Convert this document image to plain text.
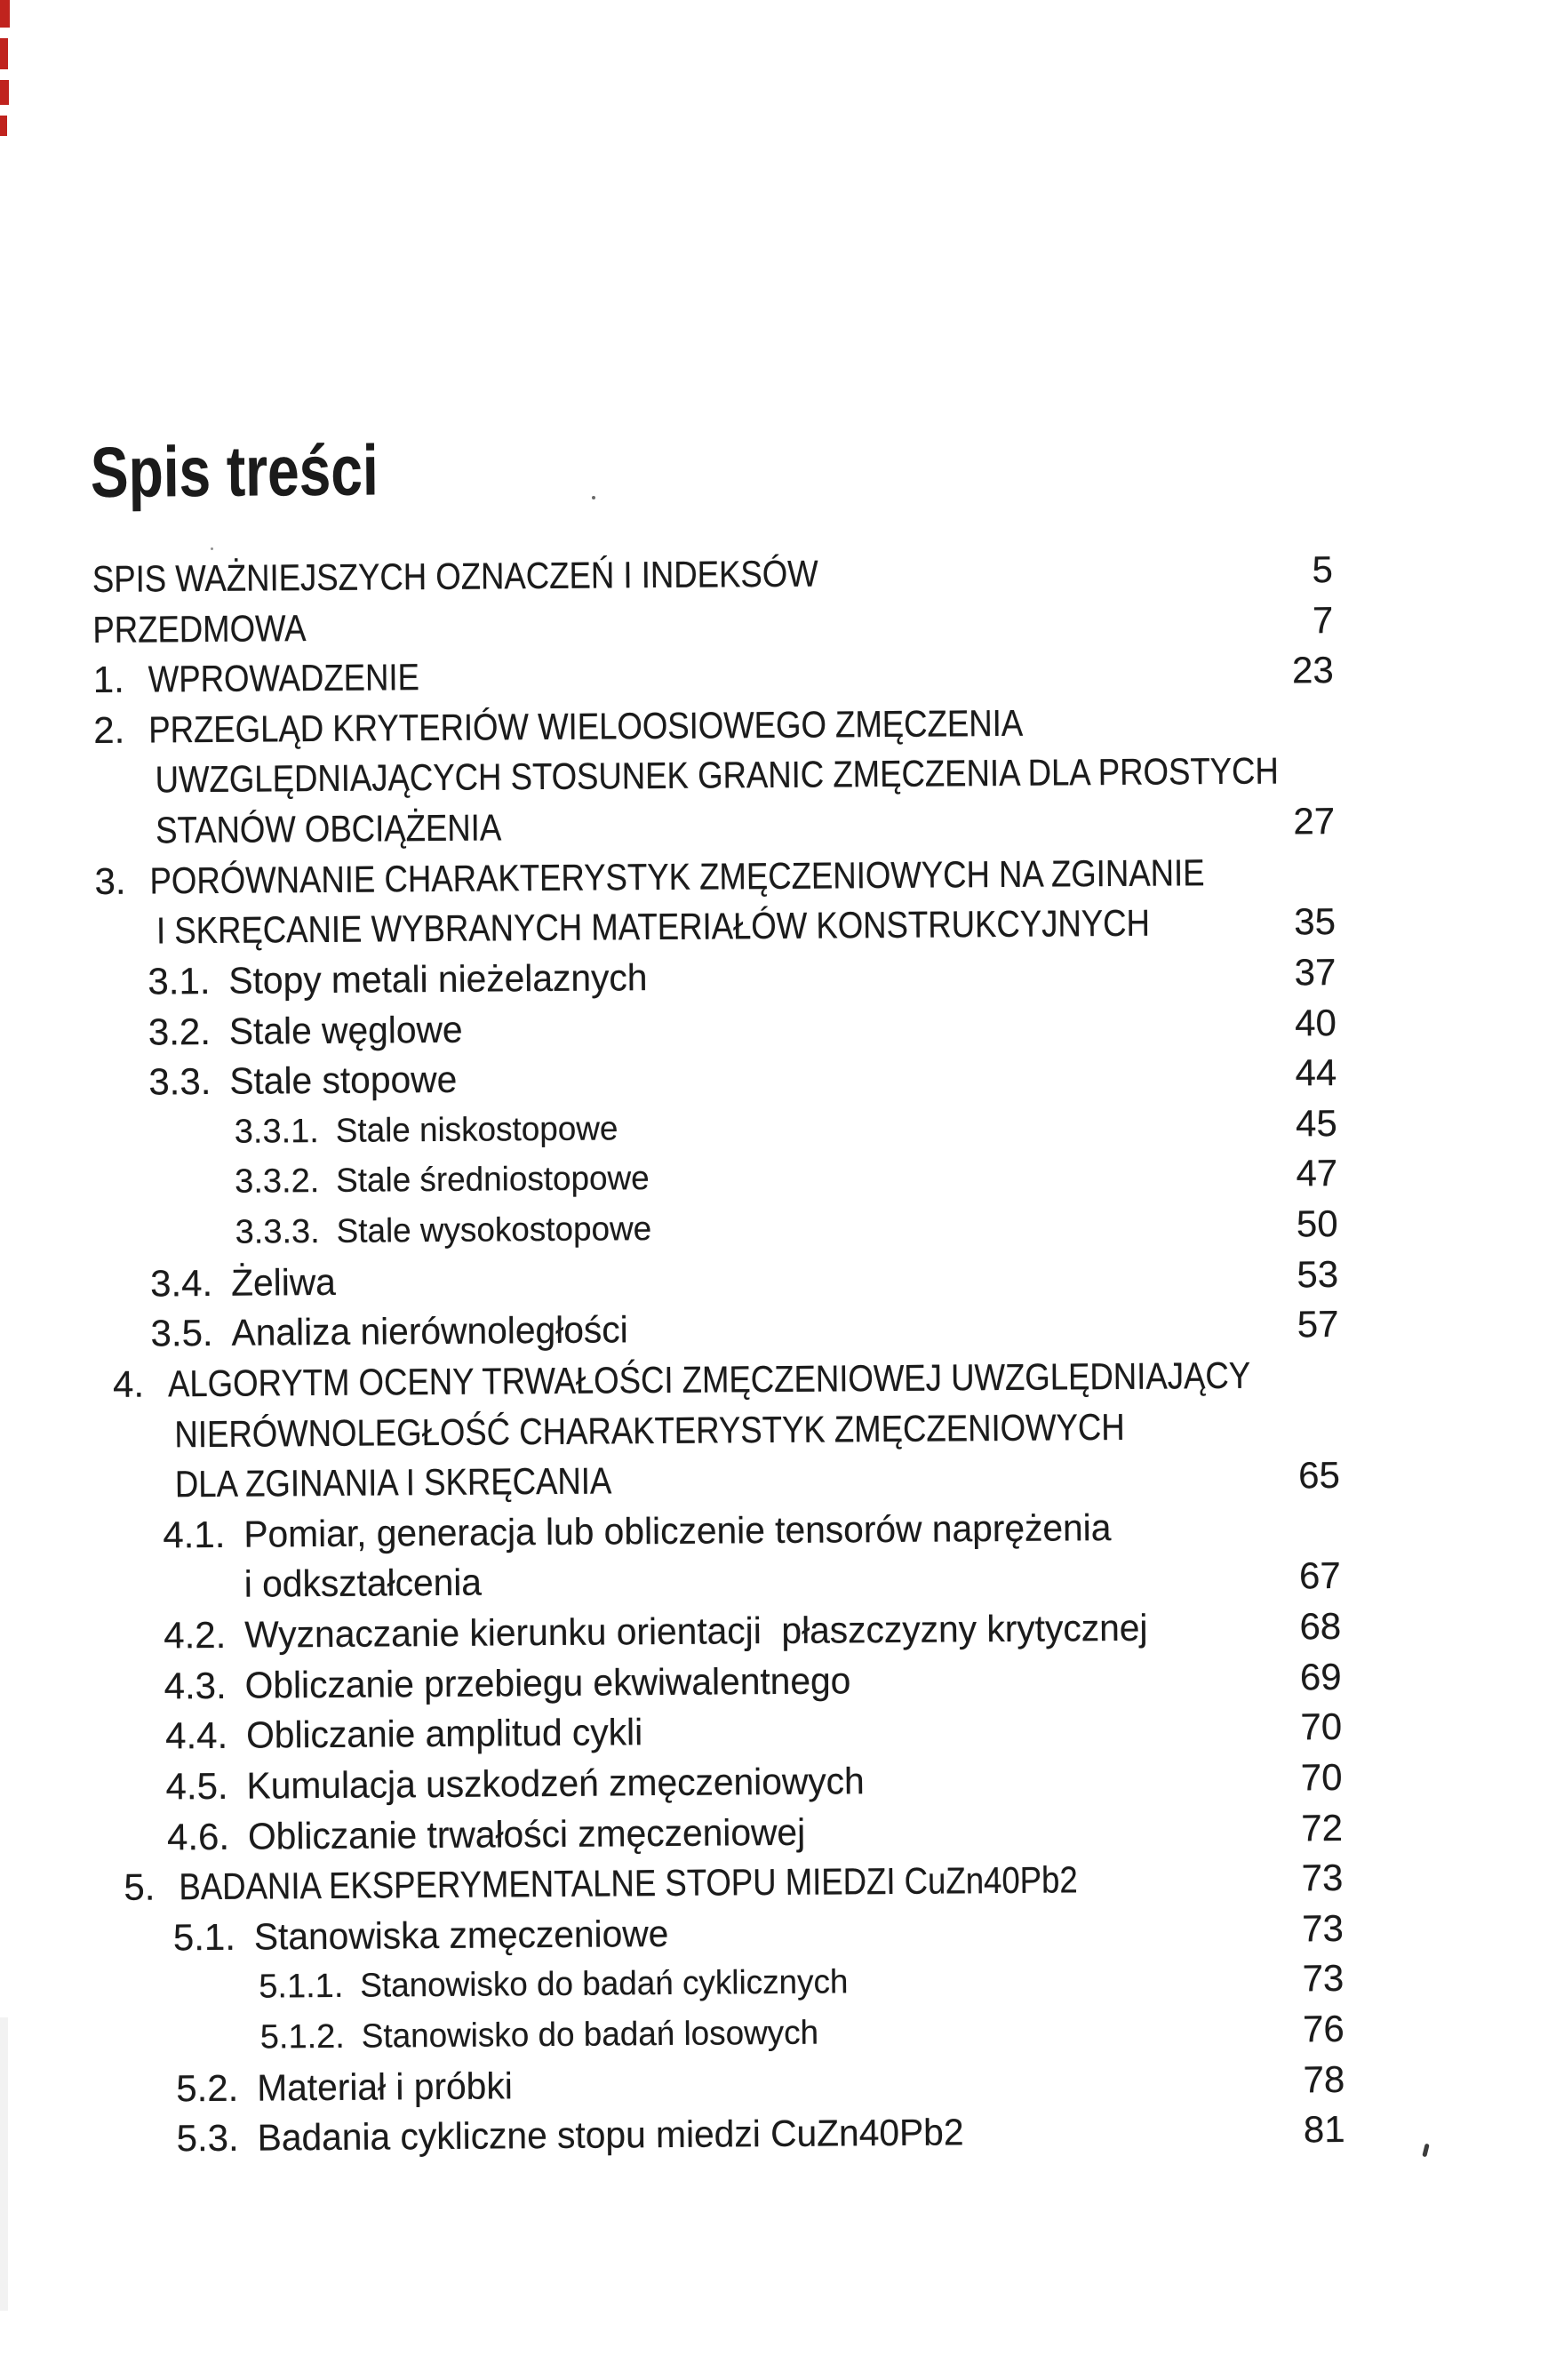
Spis treści
SPIS WAŻNIEJSZYCH OZNACZEŃ I INDEKSÓW	5
PRZEDMOWA	7
1. WPROWADZENIE	23
2. PRZEGLĄD KRYTERIÓW WIELOOSIOWEGO ZMĘCZENIA
UWZGLĘDNIAJĄCYCH STOSUNEK GRANIC ZMĘCZENIA DLA PROSTYCH
STANÓW OBCIĄŻENIA	27
3. PORÓWNANIE CHARAKTERYSTYK ZMĘCZENIOWYCH NA ZGINANIE
I SKRĘCANIE WYBRANYCH MATERIAŁÓW KONSTRUKCYJNYCH	35
3.1. Stopy metali nieżelaznych	37
3.2. Stale węglowe	40
3.3. Stale stopowe	44
3.3.1. Stale niskostopowe	45
3.3.2. Stale średniostopowe	47
3.3.3. Stale wysokostopowe	50
3.4. Żeliwa	53
3.5. Analiza nierównoległości	57
4. ALGORYTM OCENY TRWAŁOŚCI ZMĘCZENIOWEJ UWZGLĘDNIAJĄCY
NIERÓWNOLEGŁOŚĆ CHARAKTERYSTYK ZMĘCZENIOWYCH
DLA ZGINANIA I SKRĘCANIA	65
4.1. Pomiar, generacja lub obliczenie tensorów naprężenia
i odkształcenia	67
4.2. Wyznaczanie kierunku orientacji  płaszczyzny krytycznej	68
4.3. Obliczanie przebiegu ekwiwalentnego	69
4.4. Obliczanie amplitud cykli	70
4.5. Kumulacja uszkodzeń zmęczeniowych	70
4.6. Obliczanie trwałości zmęczeniowej	72
5. BADANIA EKSPERYMENTALNE STOPU MIEDZI CuZn40Pb2	73
5.1. Stanowiska zmęczeniowe	73
5.1.1. Stanowisko do badań cyklicznych	73
5.1.2. Stanowisko do badań losowych	76
5.2. Materiał i próbki	78
5.3. Badania cykliczne stopu miedzi CuZn40Pb2	81
